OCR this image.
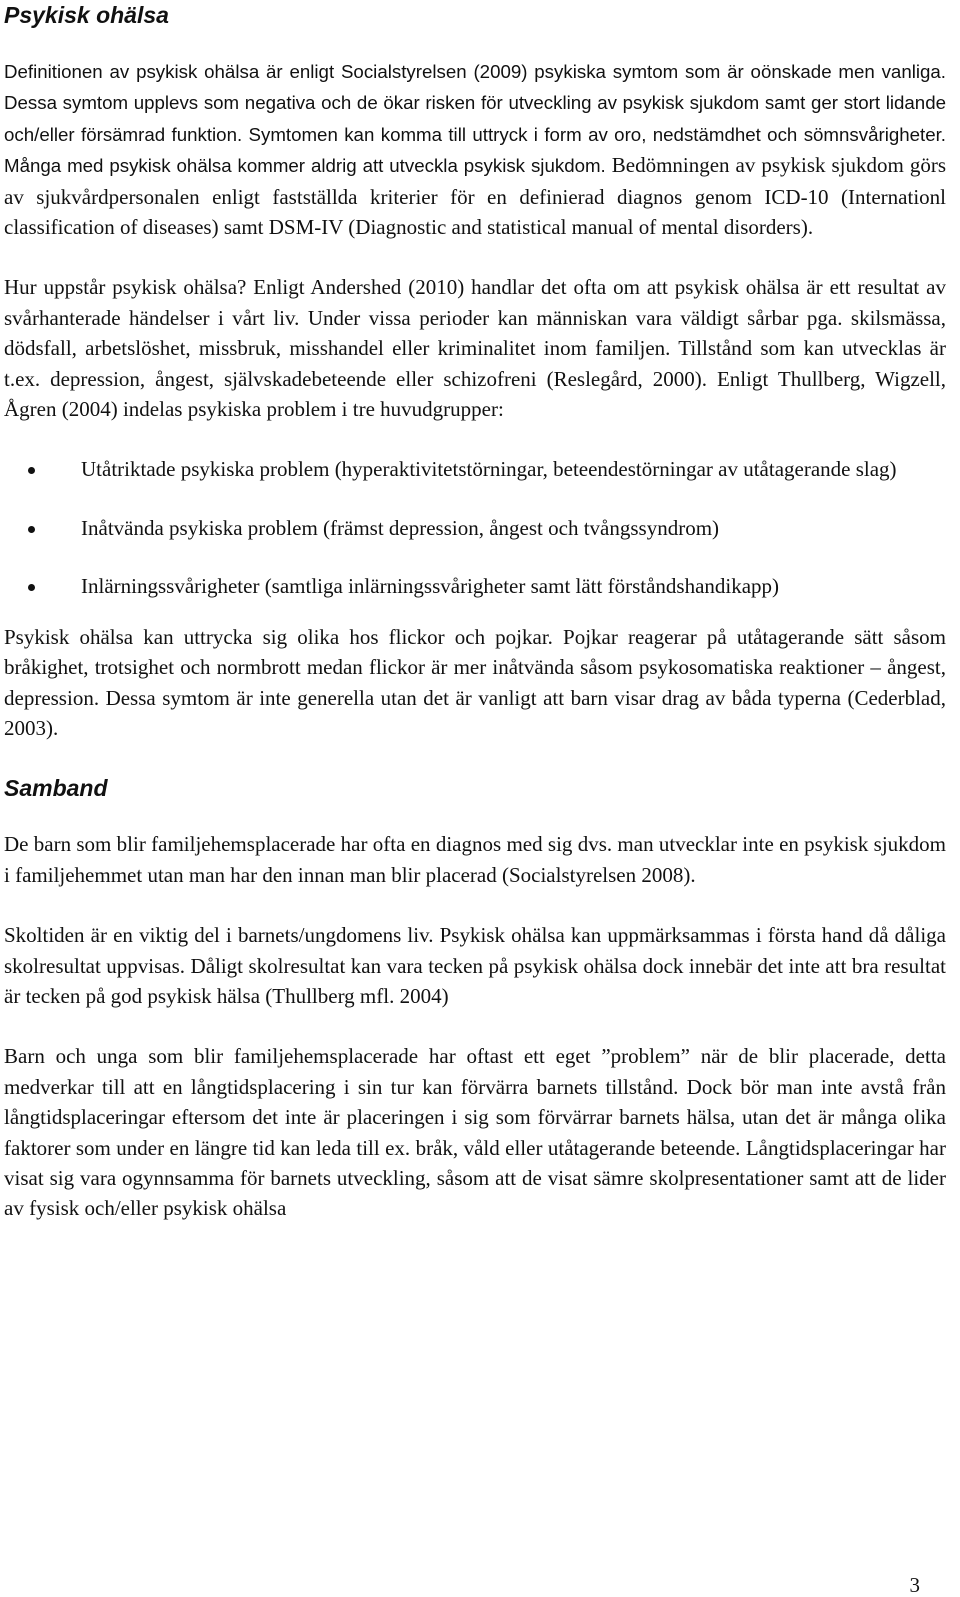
Psykisk ohälsa

Definitionen av psykisk ohälsa är enligt Socialstyrelsen (2009) psykiska symtom som är oönskade men vanliga. Dessa symtom upplevs som negativa och de ökar risken för utveckling av psykisk sjukdom samt ger stort lidande och/eller försämrad funktion. Symtomen kan komma till uttryck i form av oro, nedstämdhet och sömnsvårigheter. Många med psykisk ohälsa kommer aldrig att utveckla psykisk sjukdom. Bedömningen av psykisk sjukdom görs av sjukvårdpersonalen enligt fastställda kriterier för en definierad diagnos genom ICD-10 (Internationl classification of diseases) samt DSM-IV (Diagnostic and statistical manual of mental disorders).

Hur uppstår psykisk ohälsa? Enligt Andershed (2010) handlar det ofta om att psykisk ohälsa är ett resultat av svårhanterade händelser i vårt liv. Under vissa perioder kan människan vara väldigt sårbar pga. skilsmässa, dödsfall, arbetslöshet, missbruk, misshandel eller kriminalitet inom familjen. Tillstånd som kan utvecklas är t.ex. depression, ångest, självskadebeteende eller schizofreni (Reslegård, 2000). Enligt Thullberg, Wigzell, Ågren (2004) indelas psykiska problem i tre huvudgrupper:

Utåtriktade psykiska problem (hyperaktivitetstörningar, beteendestörningar av utåtagerande slag)
Inåtvända psykiska problem (främst depression, ångest och tvångssyndrom)
Inlärningssvårigheter (samtliga inlärningssvårigheter samt lätt förståndshandikapp)

Psykisk ohälsa kan uttrycka sig olika hos flickor och pojkar. Pojkar reagerar på utåtagerande sätt såsom bråkighet, trotsighet och normbrott medan flickor är mer inåtvända såsom psykosomatiska reaktioner – ångest, depression. Dessa symtom är inte generella utan det är vanligt att barn visar drag av båda typerna (Cederblad, 2003).

Samband

De barn som blir familjehemsplacerade har ofta en diagnos med sig dvs. man utvecklar inte en psykisk sjukdom i familjehemmet utan man har den innan man blir placerad (Socialstyrelsen 2008).

Skoltiden är en viktig del i barnets/ungdomens liv. Psykisk ohälsa kan uppmärksammas i första hand då dåliga skolresultat uppvisas. Dåligt skolresultat kan vara tecken på psykisk ohälsa dock innebär det inte att bra resultat är tecken på god psykisk hälsa (Thullberg mfl. 2004)

Barn och unga som blir familjehemsplacerade har oftast ett eget ”problem” när de blir placerade, detta medverkar till att en långtidsplacering i sin tur kan förvärra barnets tillstånd. Dock bör man inte avstå från långtidsplaceringar eftersom det inte är placeringen i sig som förvärrar barnets hälsa, utan det är många olika faktorer som under en längre tid kan leda till ex. bråk, våld eller utåtagerande beteende. Långtidsplaceringar har visat sig vara ogynnsamma för barnets utveckling, såsom att de visat sämre skolpresentationer samt att de lider av fysisk och/eller psykisk ohälsa

3
